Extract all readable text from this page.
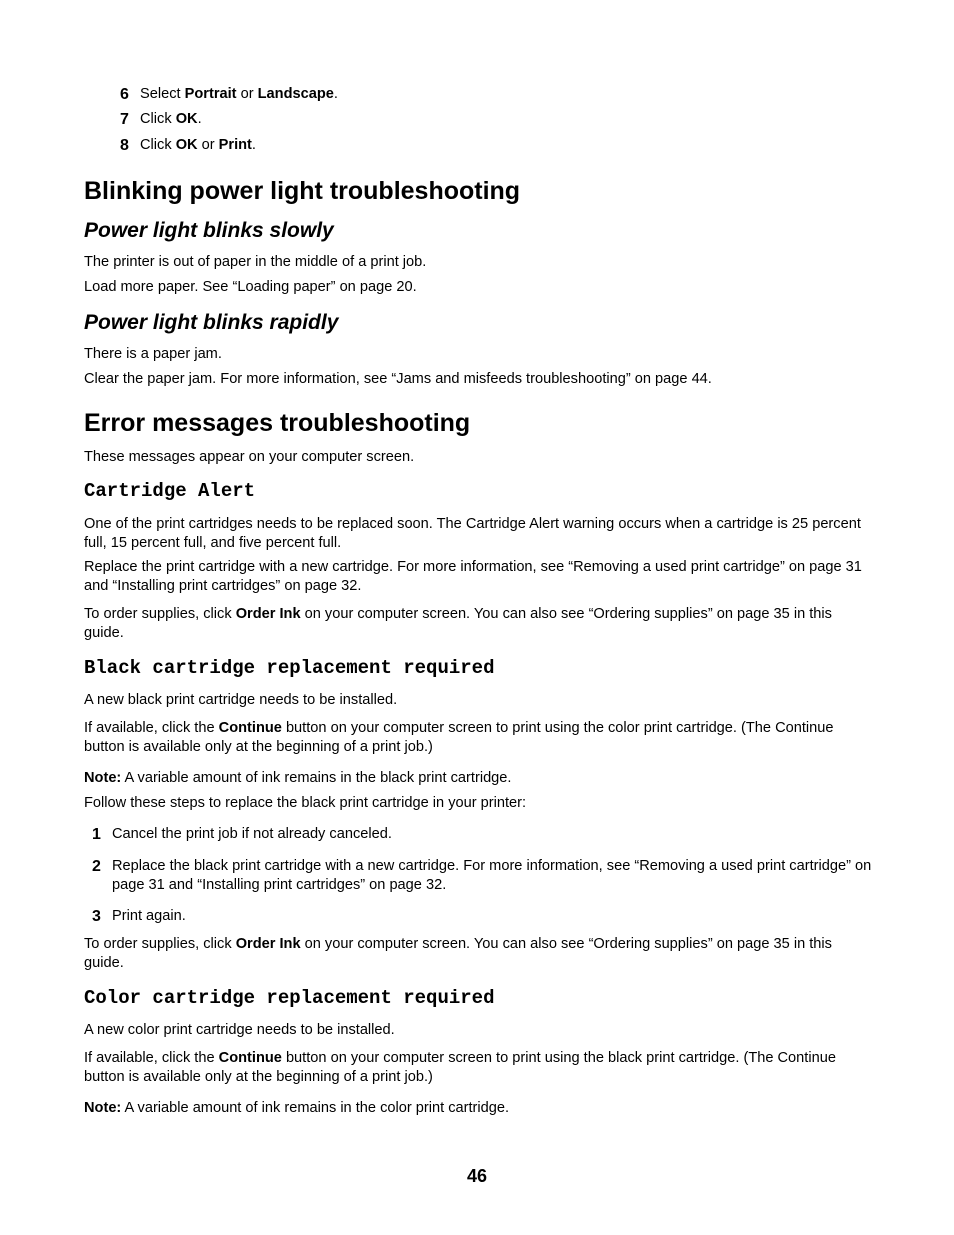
6 Select Portrait or Landscape.
7 Click OK.
8 Click OK or Print.
Blinking power light troubleshooting
Power light blinks slowly

The printer is out of paper in the middle of a print job.

Load more paper. See “Loading paper” on page 20.

Power light blinks rapidly

There is a paper jam.

Clear the paper jam. For more information, see “Jams and misfeeds troubleshooting” on page 44.

Error messages troubleshooting

These messages appear on your computer screen.

Cartridge Alert

One of the print cartridges needs to be replaced soon. The Cartridge Alert warning occurs when a cartridge is 25 percent full, 15 percent full, and five percent full.

Replace the print cartridge with a new cartridge. For more information, see “Removing a used print cartridge” on page 31 and “Installing print cartridges” on page 32.

To order supplies, click Order Ink on your computer screen. You can also see “Ordering supplies” on page 35 in this guide.

Black cartridge replacement required

A new black print cartridge needs to be installed.

If available, click the Continue button on your computer screen to print using the color print cartridge. (The Continue button is available only at the beginning of a print job.)

Note: A variable amount of ink remains in the black print cartridge.

Follow these steps to replace the black print cartridge in your printer:

1 Cancel the print job if not already canceled.
2 Replace the black print cartridge with a new cartridge. For more information, see “Removing a used print cartridge” on page 31 and “Installing print cartridges” on page 32.
3 Print again.

To order supplies, click Order Ink on your computer screen. You can also see “Ordering supplies” on page 35 in this guide.

Color cartridge replacement required

A new color print cartridge needs to be installed.

If available, click the Continue button on your computer screen to print using the black print cartridge. (The Continue button is available only at the beginning of a print job.)

Note: A variable amount of ink remains in the color print cartridge.

46
